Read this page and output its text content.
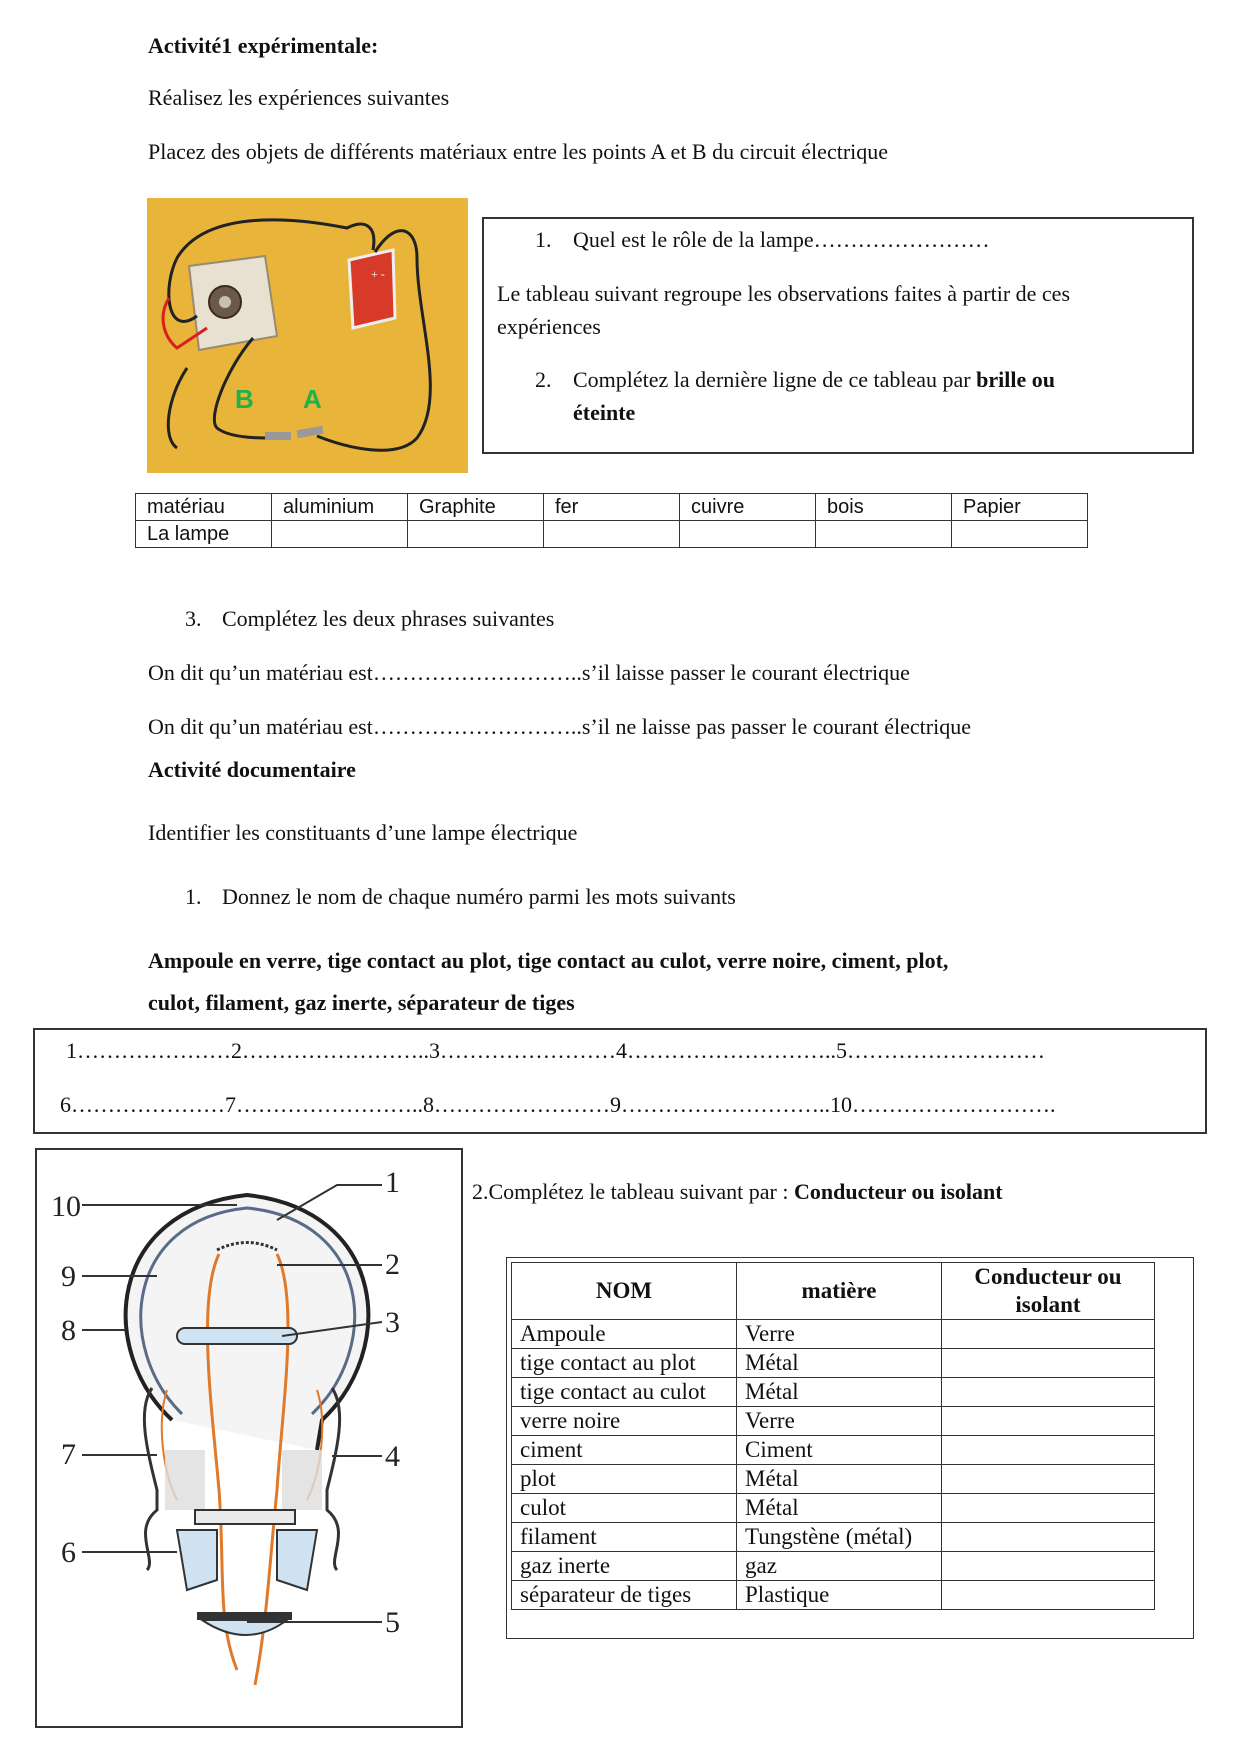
Activité1 expérimentale:
Réalisez les expériences suivantes
Placez des objets de différents matériaux entre les points A et B du circuit électrique
+ -
B A
1. Quel est le rôle de la lampe……………………
Le tableau suivant regroupe les observations faites à partir de ces
expériences
2. Complétez la dernière ligne de ce tableau par brille ou
éteinte
matériau	aluminium	Graphite	fer	cuivre	bois	Papier
La lampe						
3. Complétez les deux phrases suivantes
On dit qu’un matériau est………………………..s’il laisse passer le courant électrique
On dit qu’un matériau est………………………..s’il ne laisse pas passer le courant électrique
Activité documentaire
Identifier les constituants d’une lampe électrique
1. Donnez le nom de chaque numéro parmi les mots suivants
Ampoule en verre, tige contact au plot, tige contact au culot, verre noire, ciment, plot,
culot, filament, gaz inerte, séparateur de tiges
1…………………2……………………..3……………………4………………………..5………………………
6…………………7……………………..8……………………9………………………..10……………………….
1
2
3
4
5
6
7
8
9
10	2.Complétez le tableau suivant par : Conducteur ou isolant
NOM	matière	Conducteur ou isolant
Ampoule	Verre	
tige contact au plot	Métal	
tige contact au culot	Métal	
verre noire	Verre	
ciment	Ciment	
plot	Métal	
culot	Métal	
filament	Tungstène (métal)	
gaz inerte	gaz	
séparateur de tiges	Plastique	
